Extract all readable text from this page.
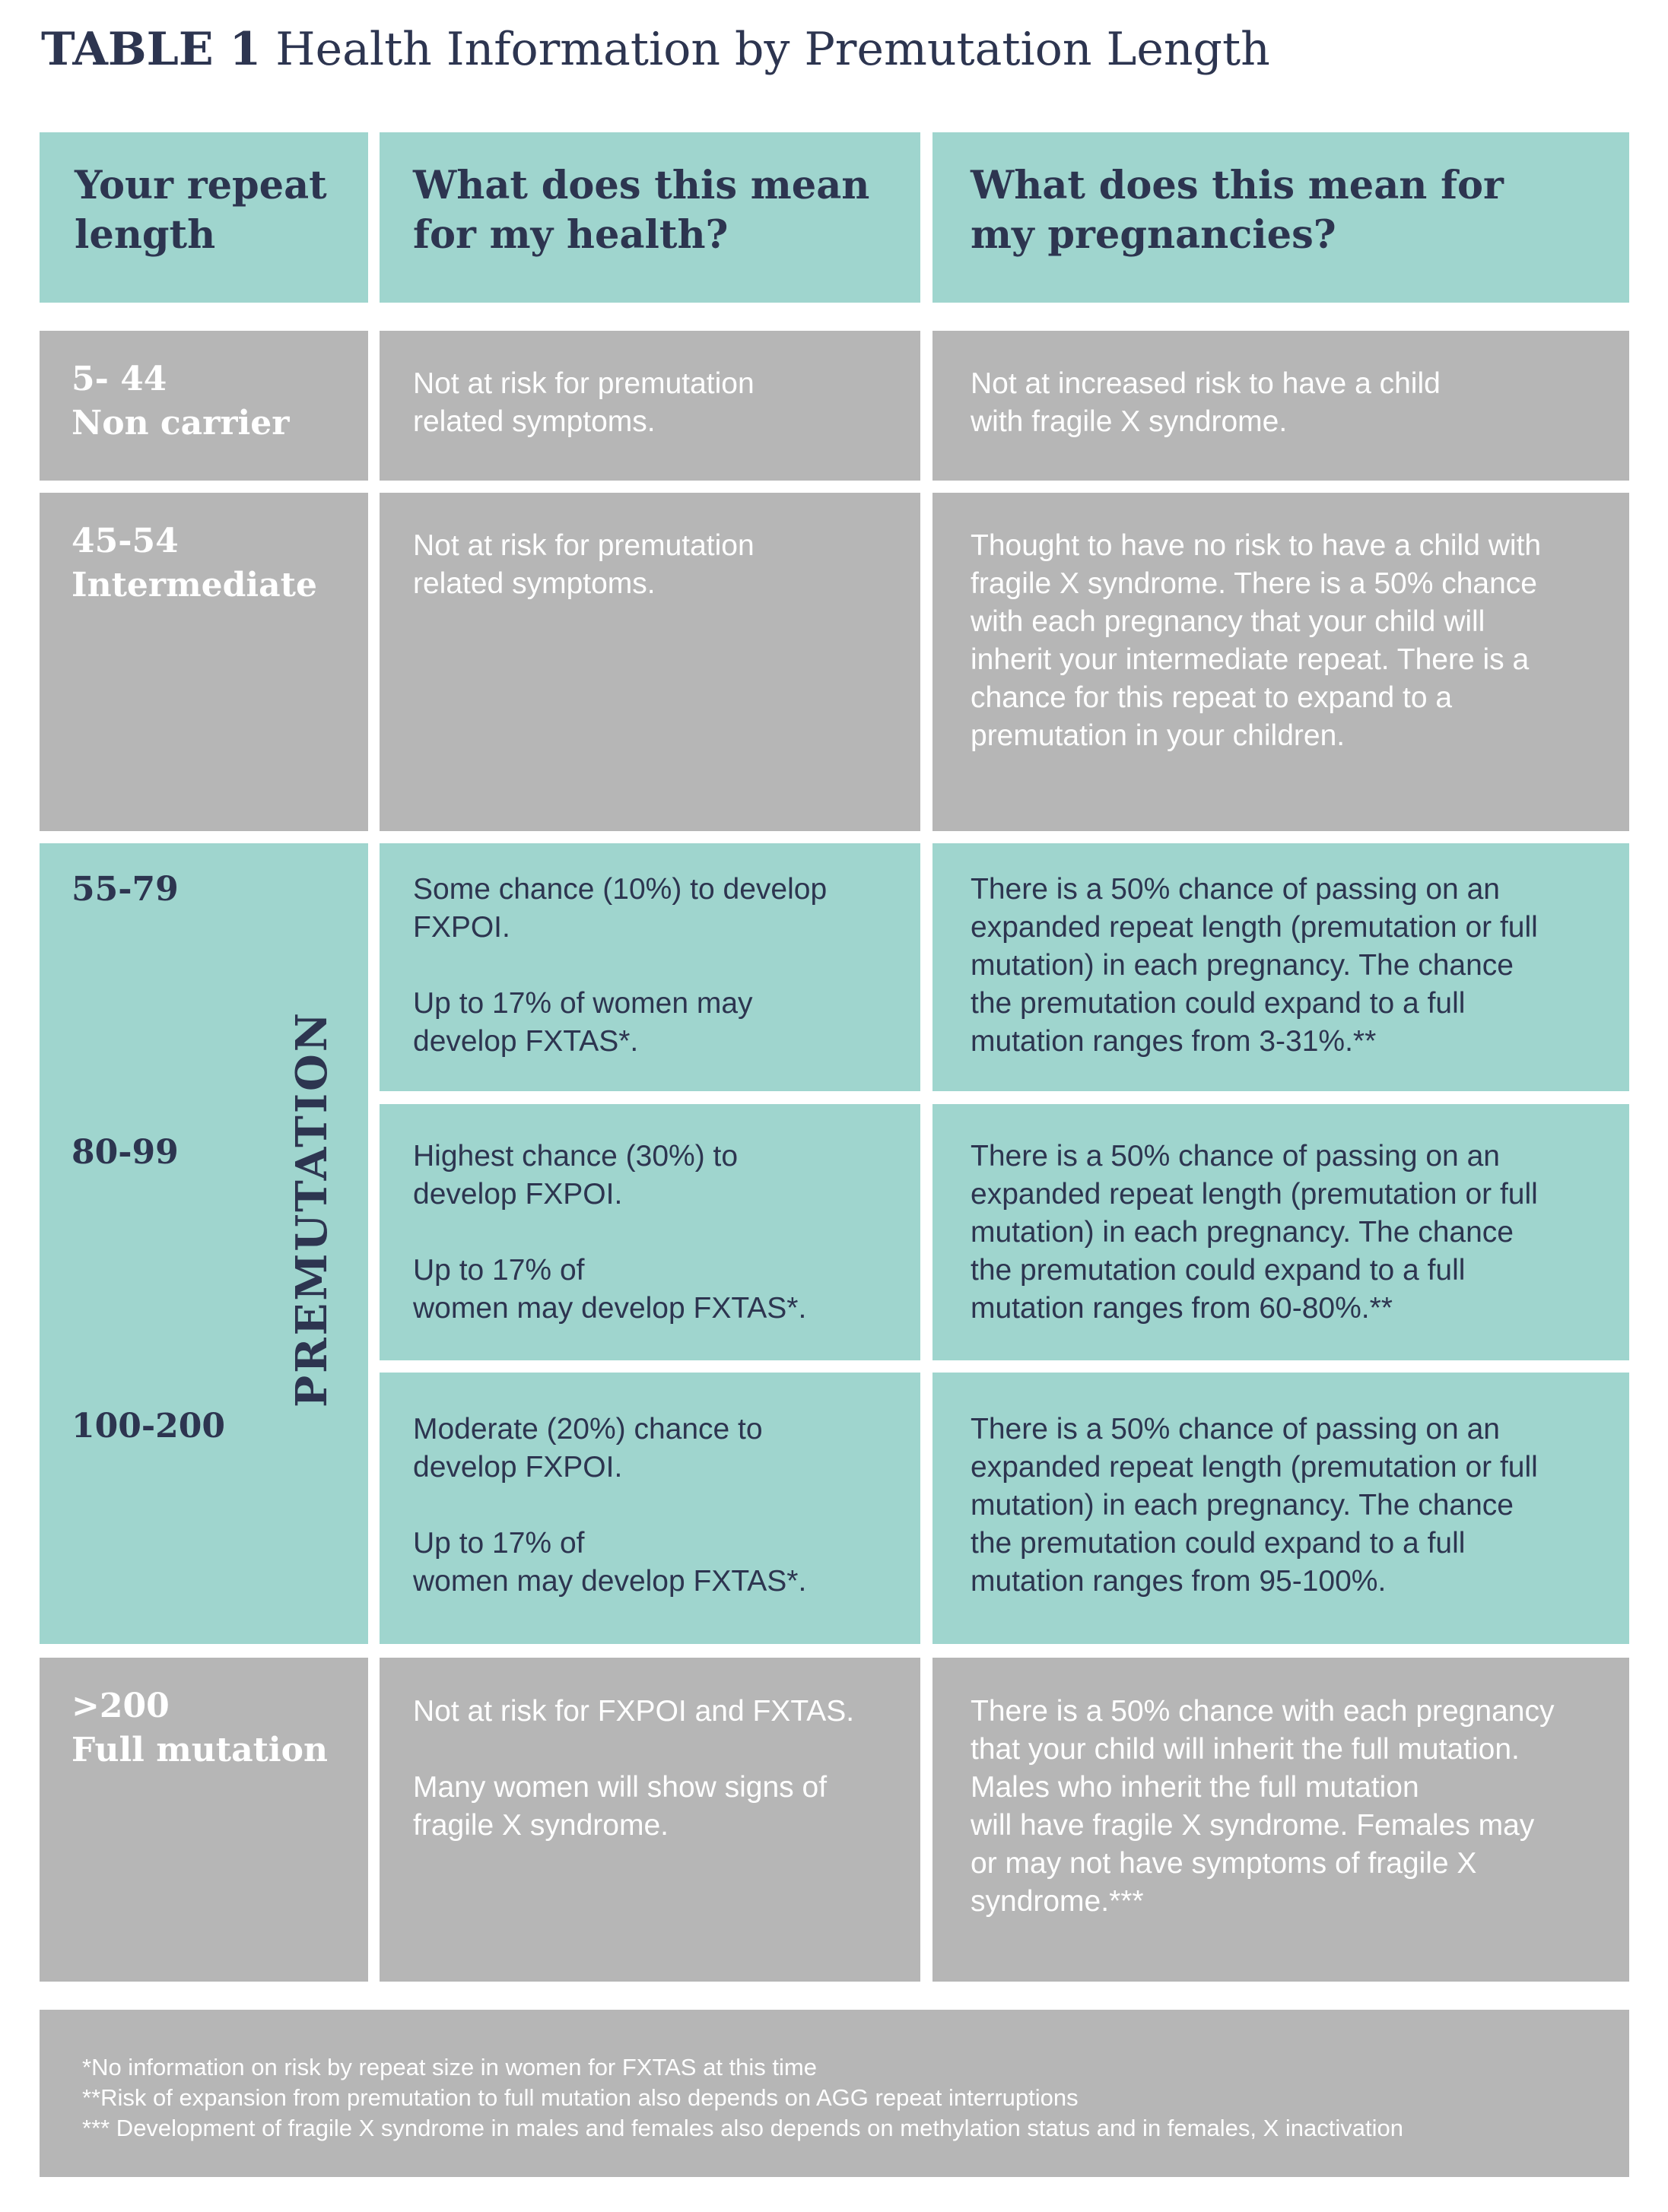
TABLE 1 Health Information by Premutation Length
Your repeat
length
What does this mean
for my health?
What does this mean for
my pregnancies?
5- 44
Non carrier
Not at risk for premutation
related symptoms.
Not at increased risk to have a child
with fragile X syndrome.
45-54
Intermediate
Not at risk for premutation
related symptoms.
Thought to have no risk to have a child with
fragile X syndrome. There is a 50% chance
with each pregnancy that your child will
inherit your intermediate repeat. There is a
chance for this repeat to expand to a
premutation in your children.
55-79
80-99
100-200
PREMUTATION
Some chance (10%) to develop
FXPOI.
Up to 17% of women may
develop FXTAS*.
There is a 50% chance of passing on an
expanded repeat length (premutation or full
mutation) in each pregnancy. The chance
the premutation could expand to a full
mutation ranges from 3-31%.**
Highest chance (30%) to
develop FXPOI.
Up to 17% of
women may develop FXTAS*.
There is a 50% chance of passing on an
expanded repeat length (premutation or full
mutation) in each pregnancy. The chance
the premutation could expand to a full
mutation ranges from 60-80%.**
Moderate (20%) chance to
develop FXPOI.
Up to 17% of
women may develop FXTAS*.
There is a 50% chance of passing on an
expanded repeat length (premutation or full
mutation) in each pregnancy. The chance
the premutation could expand to a full
mutation ranges from 95-100%.
>200
Full mutation
Not at risk for FXPOI and FXTAS.
Many women will show signs of
fragile X syndrome.
There is a 50% chance with each pregnancy
that your child will inherit the full mutation.
Males who inherit the full mutation
will have fragile X syndrome. Females may
or may not have symptoms of fragile X
syndrome.***
*No information on risk by repeat size in women for FXTAS at this time
**Risk of expansion from premutation to full mutation also depends on AGG repeat interruptions
*** Development of fragile X syndrome in males and females also depends on methylation status and in females, X inactivation
